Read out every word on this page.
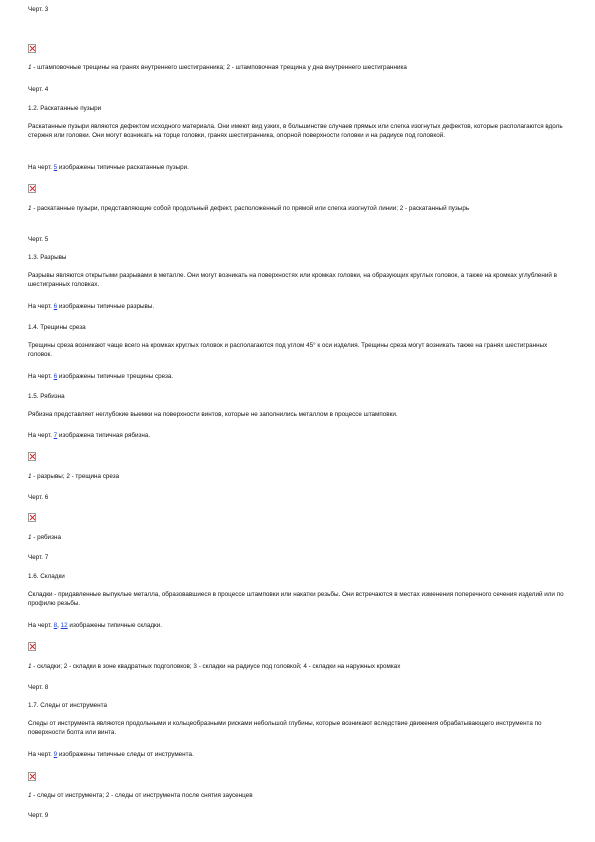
Черт. 3
1 - штамповочные трещины на гранях внутреннего шестигранника; 2 - штамповочная трещина у дна внутреннего шестигранника
Черт. 4
1.2. Раскатанные пузыри
Раскатанные пузыри являются дефектом исходного материала. Они имеют вид узких, в большинстве случаев прямых или слегка изогнутых дефектов, которые располагаются вдоль стержня или головки. Они могут возникать на торце головки, гранях шестигранника, опорной поверхности головки и на радиусе под головкой.
На черт. 5 изображены типичные раскатанные пузыри.
1 - раскатанные пузыри, представляющие собой продольный дефект, расположенный по прямой или слегка изогнутой линии; 2 - раскатанный пузырь
Черт. 5
1.3. Разрывы
Разрывы являются открытыми разрывами в металле. Они могут возникать на поверхностях или кромках головки, на образующих круглых головок, а также на кромках углублений в шестигранных головках.
На черт. 6 изображены типичные разрывы.
1.4. Трещины среза
Трещины среза возникают чаще всего на кромках круглых головок и располагаются под углом 45° к оси изделия. Трещины среза могут возникать также на гранях шестигранных головок.
На черт. 6 изображены типичные трещины среза.
1.5. Рябизна
Рябизна представляет неглубокие выемки на поверхности винтов, которые не заполнились металлом в процессе штамповки.
На черт. 7 изображена типичная рябизна.
1 - разрывы; 2 - трещина среза
Черт. 6
1 - рябизна
Черт. 7
1.6. Складки
Складки - придавленные выпуклые металла, образовавшиеся в процессе штамповки или накатки резьбы. Они встречаются в местах изменения поперечного сечения изделий или по профилю резьбы.
На черт. 8, 12 изображены типичные складки.
1 - складки; 2 - складки в зоне квадратных подголовков; 3 - складки на радиусе под головкой; 4 - складки на наружных кромках
Черт. 8
1.7. Следы от инструмента
Следы от инструмента являются продольными и кольцеобразными рисками небольшой глубины, которые возникают вследствие движения обрабатывающего инструмента по поверхности болта или винта.
На черт. 9 изображены типичные следы от инструмента.
1 - следы от инструмента; 2 - следы от инструмента после снятия заусенцев
Черт. 9
